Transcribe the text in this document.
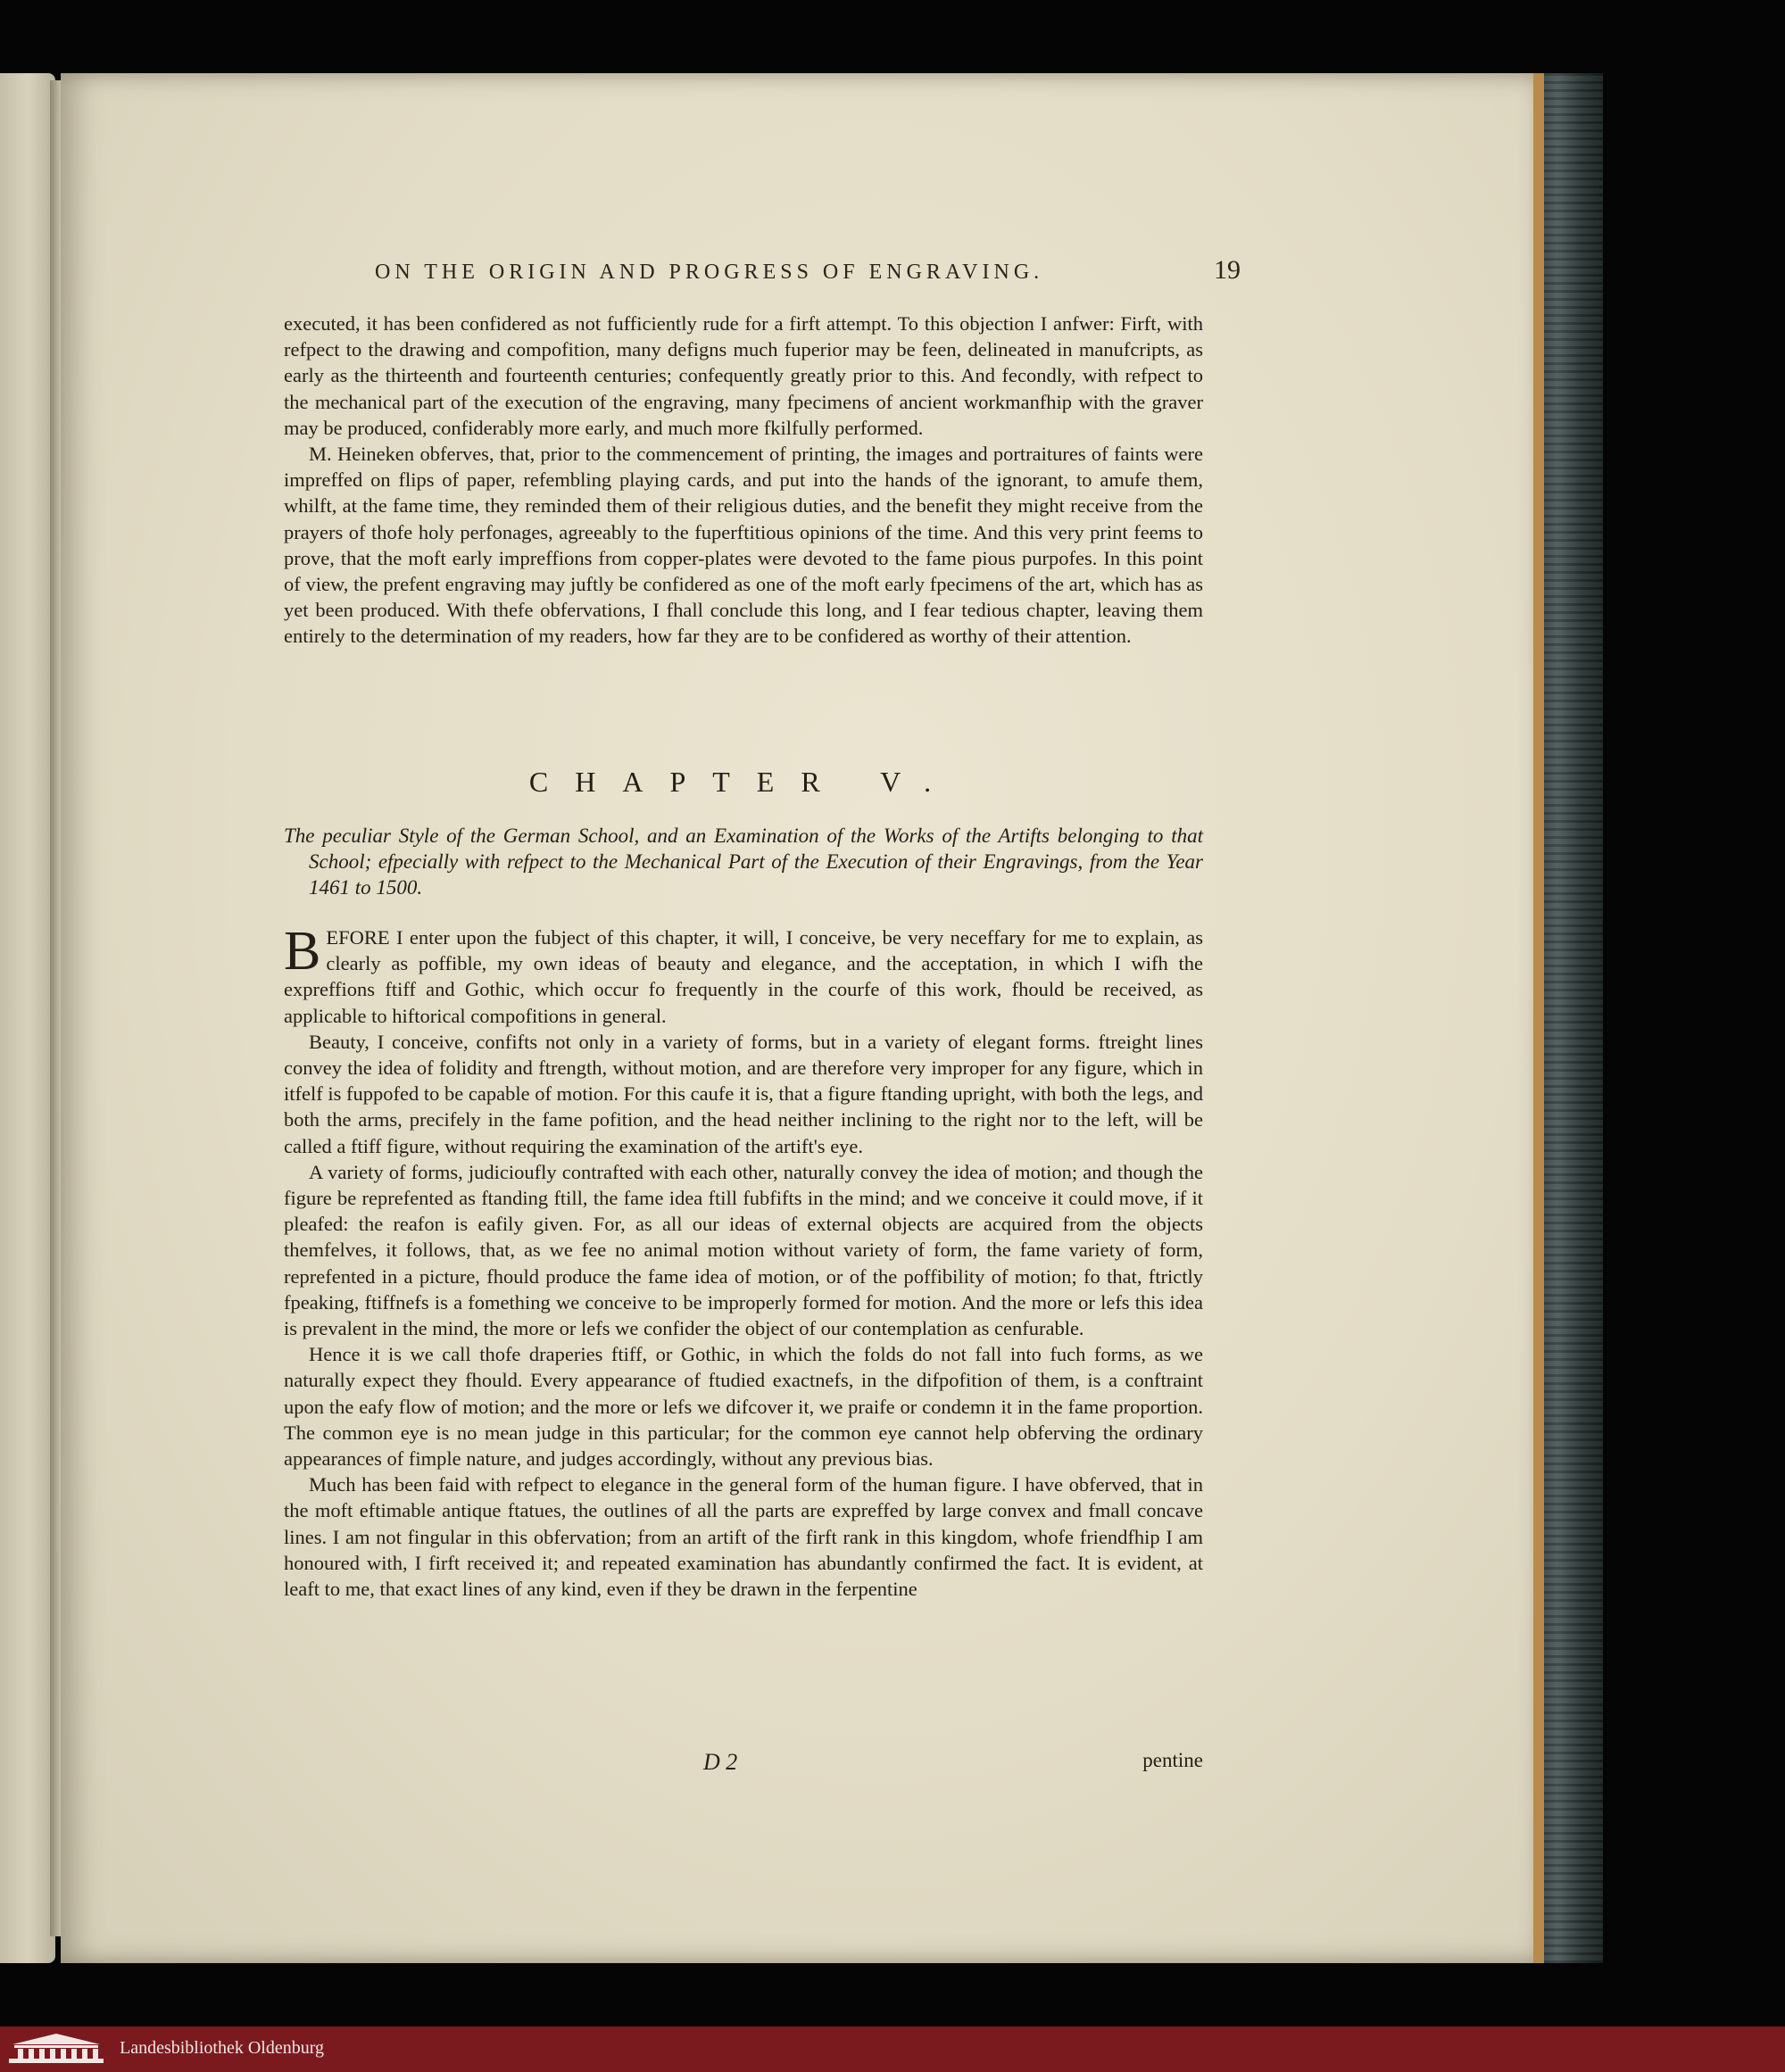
ON THE ORIGIN AND PROGRESS OF ENGRAVING.	19

executed, it has been confidered as not fufficiently rude for a firft attempt. To this objection I anfwer: Firft, with refpect to the drawing and compofition, many defigns much fuperior may be feen, delineated in manufcripts, as early as the thirteenth and fourteenth centuries; confequently greatly prior to this. And fecondly, with refpect to the mechanical part of the execution of the engraving, many fpecimens of ancient workmanfhip with the graver may be produced, confiderably more early, and much more fkilfully performed.

M. Heineken obferves, that, prior to the commencement of printing, the images and portraitures of faints were impreffed on flips of paper, refembling playing cards, and put into the hands of the ignorant, to amufe them, whilft, at the fame time, they reminded them of their religious duties, and the benefit they might receive from the prayers of thofe holy perfonages, agreeably to the fuperftitious opinions of the time. And this very print feems to prove, that the moft early impreffions from copper-plates were devoted to the fame pious purpofes. In this point of view, the prefent engraving may juftly be confidered as one of the moft early fpecimens of the art, which has as yet been produced. With thefe obfervations, I fhall conclude this long, and I fear tedious chapter, leaving them entirely to the determination of my readers, how far they are to be confidered as worthy of their attention.

CHAPTER V.
The peculiar Style of the German School, and an Examination of the Works of the Artifts belonging to that School; efpecially with refpect to the Mechanical Part of the Execution of their Engravings, from the Year 1461 to 1500.

BEFORE I enter upon the fubject of this chapter, it will, I conceive, be very neceffary for me to explain, as clearly as poffible, my own ideas of beauty and elegance, and the acceptation, in which I wifh the expreffions ftiff and Gothic, which occur fo frequently in the courfe of this work, fhould be received, as applicable to hiftorical compofitions in general.

Beauty, I conceive, confifts not only in a variety of forms, but in a variety of elegant forms. ftreight lines convey the idea of folidity and ftrength, without motion, and are therefore very improper for any figure, which in itfelf is fuppofed to be capable of motion. For this caufe it is, that a figure ftanding upright, with both the legs, and both the arms, precifely in the fame pofition, and the head neither inclining to the right nor to the left, will be called a ftiff figure, without requiring the examination of the artift's eye.

A variety of forms, judicioufly contrafted with each other, naturally convey the idea of motion; and though the figure be reprefented as ftanding ftill, the fame idea ftill fubfifts in the mind; and we conceive it could move, if it pleafed: the reafon is eafily given. For, as all our ideas of external objects are acquired from the objects themfelves, it follows, that, as we fee no animal motion without variety of form, the fame variety of form, reprefented in a picture, fhould produce the fame idea of motion, or of the poffibility of motion; fo that, ftrictly fpeaking, ftiffnefs is a fomething we conceive to be improperly formed for motion. And the more or lefs this idea is prevalent in the mind, the more or lefs we confider the object of our contemplation as cenfurable.

Hence it is we call thofe draperies ftiff, or Gothic, in which the folds do not fall into fuch forms, as we naturally expect they fhould. Every appearance of ftudied exactnefs, in the difpofition of them, is a conftraint upon the eafy flow of motion; and the more or lefs we difcover it, we praife or condemn it in the fame proportion. The common eye is no mean judge in this particular; for the common eye cannot help obferving the ordinary appearances of fimple nature, and judges accordingly, without any previous bias.

Much has been faid with refpect to elegance in the general form of the human figure. I have obferved, that in the moft eftimable antique ftatues, the outlines of all the parts are expreffed by large convex and fmall concave lines. I am not fingular in this obfervation; from an artift of the firft rank in this kingdom, whofe friendfhip I am honoured with, I firft received it; and repeated examination has abundantly confirmed the fact. It is evident, at leaft to me, that exact lines of any kind, even if they be drawn in the ferpentine

D 2	pentine
Landesbibliothek Oldenburg
